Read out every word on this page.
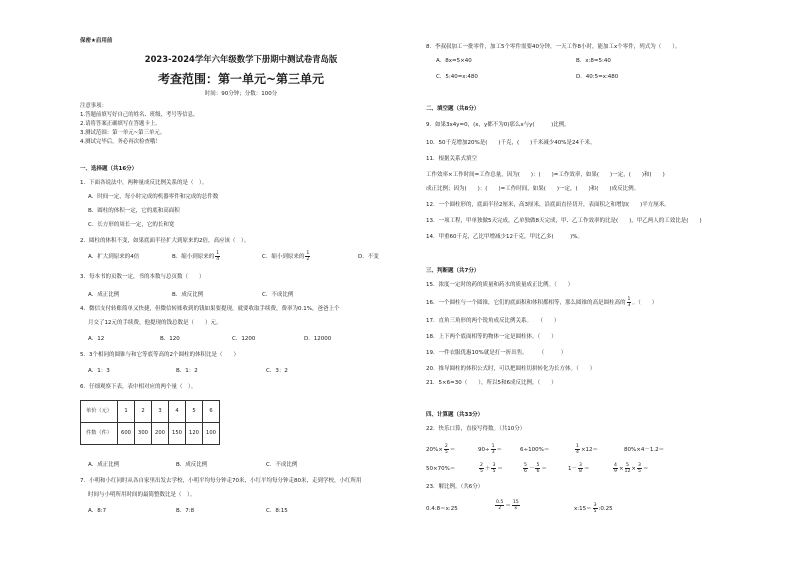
保密★启用前
2023-2024学年六年级数学下册期中测试卷青岛版
考查范围：第一单元~第三单元
时间：90分钟；分数：100分
注意事项：
1.答题前填写好自己的姓名、班级、考号等信息。
2.请将答案正确填写在答题卡上。
3.测试范围：第一单元~第三单元。
4.测试完毕后，务必再次检查哦！
一、选择题（共16分）
1．下面各说法中，两种量成反比例关系的是（　）。
A．时间一定，每小时完成的机器零件和完成的总件数
B．圆柱的体积一定，它的底和高面积
C．长方形的周长一定，它的长和宽
2．圆柱的体积不变，如果底面半径扩大到原来的2倍，高应该（　）。
A．扩大到原来的4倍	B．缩小到原来的 $\frac{1}{4}$	C．缩小到原来的 $\frac{1}{2}$	D．不变
3．每本书的页数一定，书的本数与总页数（　　）
A．成正比例	B．成反比例	C．不成比例
4．微信支付转账简单又快捷，但微信转账收到的钱如果要提现，就要收取手续费，费率为0.1%，爸爸上个
月交了12元的手续费，他提现的钱总数是（　　）元。
A．12	B．120	C．1200	D．12000
5．3个相同的圆锥与和它等底等高的2个圆柱的体积比是（　　）
A．1：3	B．1：2	C．3：2
6．仔细观察下表，表中相对应的两个量（　）。
单价（元）	1	2	3	4	5	6
件数（件）	600	300	200	150	120	100
A．成正比例	B．成反比例	C．不成比例
7．小明和小红同时从各自家里出发去学校，小明平均每分钟走70米，小红平均每分钟走80米，走到学校，小红所用
时间与小明所用时间的最简整数比是（　）。
A．8:7	B．7:8	C．8:15
8．李叔叔加工一批零件，加工5个零件需要40分钟，一天工作8小时，能加工x个零件，列式为（　　）。
A．8x=5×40	B．x:8=5:40
C．5:40=x:480	D．40:5=x:480
二、填空题（共8分）
9．如果3x4y=0，(x，y都不为0)那么x与y(　　　)比例。
10．50千克增加20%是(　　)千克，(　　)千米减少40%是24千米。
11．根据关系式填空
工作效率×工作时间=工作总量，因为(　　)：(　　)=工作效率，如果(　　)一定，(　　)和(　　)
成正比例；因为(　　)：(　　)=工作时间，如果(　　)一定，(　　)和(　　)成反比例。
12．一个圆柱形的，底面半径2厘米，高3厘米，沿底面直径切开，表面积之和增加(　　)平方厘米。
13．一项工程，甲单独做5天完成，乙单独做8天完成，甲、乙工作效率的比是(　　)，甲乙两人的工效比是(　　)
14．甲重60千克，乙比甲增减少12千克，甲比乙多(　　　)%。
三、判断题（共7分）
15．浓度一定时的药的质量和药水的质量成正比例。（　　）
16．一个圆柱与一个圆锥，它们的底面积和体积都相等，那么圆锥的高是圆柱高的 $\frac{1}{3}$ 。（　　）
17．直角三角形的两个锐角成反比例关系。　　（　　）
18．上下两个底面相等的物体一定是圆柱体。（　　）
19．一件衣服优惠10%就是打一折出售。　　　（　　　）
20．推导圆柱的体积公式时，可以把圆柱切拼转化为长方体。（　　）
21．5×6=30（　　），所以5和6成反比例。（　　）
四、计算题（共33分）
22．快乐口算，直接写得数。（共10分）
$20\%\times \frac{2}{5}$ ＝	$90\div \frac{1}{3}$ ＝	6÷100%＝	$\frac{1}{4} \times 12=$	80%×4－1.2＝
50×70%＝	$\frac{2}{5} + \frac{3}{5}$ ＝	$\frac{5}{6} - \frac{5}{6}$ ＝	$1- \frac{3}{8}$ ＝	$\frac{4}{9} \times \frac{5}{12} \times \frac{3}{5}$ ＝
23．解比例。（共6分）
0.4:8＝x:25	$\frac{0.5}{2} = \frac{15}{x}$	x:15＝ $\frac{3}{5}$ :0.25
